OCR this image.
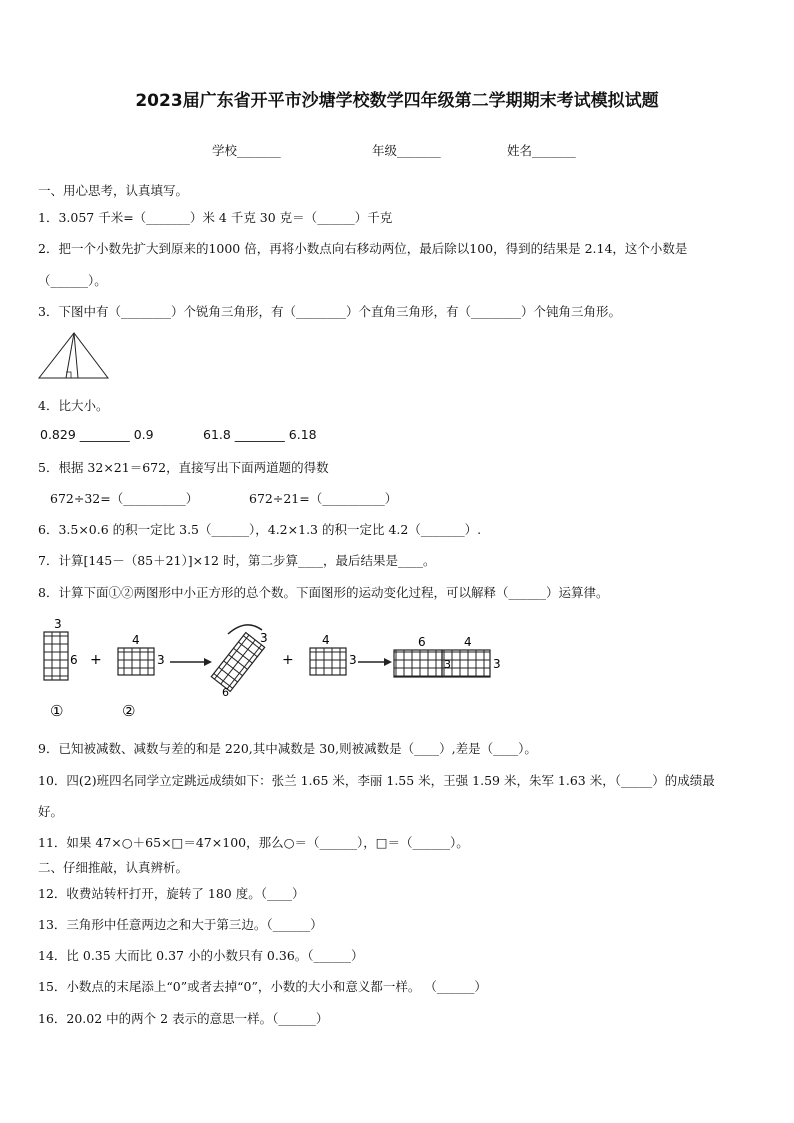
2023届广东省开平市沙塘学校数学四年级第二学期期末考试模拟试题
学校_______	年级_______	姓名_______
一、用心思考，认真填写。
1．3.057 千米=（_______）米 4 千克 30 克＝（______）千克
2．把一个小数先扩大到原来的1000 倍，再将小数点向右移动两位，最后除以100，得到的结果是 2.14，这个小数是
（______）。
3．下图中有（________）个锐角三角形，有（________）个直角三角形，有（________）个钝角三角形。
4．比大小。
0.829 ________ 0.9	61.8 ________ 6.18
5．根据 32×21＝672，直接写出下面两道题的得数
672÷32=（__________）	672÷21=（__________）
6．3.5×0.6 的积一定比 3.5（______），4.2×1.3 的积一定比 4.2（_______）.
7．计算[145－（85＋21）]×12 时，第二步算____，最后结果是____。
8．计算下面①②两图形中小正方形的总个数。下面图形的运动变化过程，可以解释（______）运算律。
3
6 +
4
3
3
6
+
4
3
6	4
3	3
①	②
9．已知被减数、减数与差的和是 220,其中减数是 30,则被减数是（____）,差是（____）。
10．四(2)班四名同学立定跳远成绩如下：张兰 1.65 米，李丽 1.55 米，王强 1.59 米，朱军 1.63 米，（_____）的成绩最
好。
11．如果 47×○＋65×□＝47×100，那么○＝（______），□＝（______）。
二、仔细推敲，认真辨析。
12．收费站转杆打开，旋转了 180 度。（____）
13．三角形中任意两边之和大于第三边。（______）
14．比 0.35 大而比 0.37 小的小数只有 0.36。（______）
15．小数点的末尾添上“0”或者去掉“0”，小数的大小和意义都一样。 （______）
16．20.02 中的两个 2 表示的意思一样。（______）
